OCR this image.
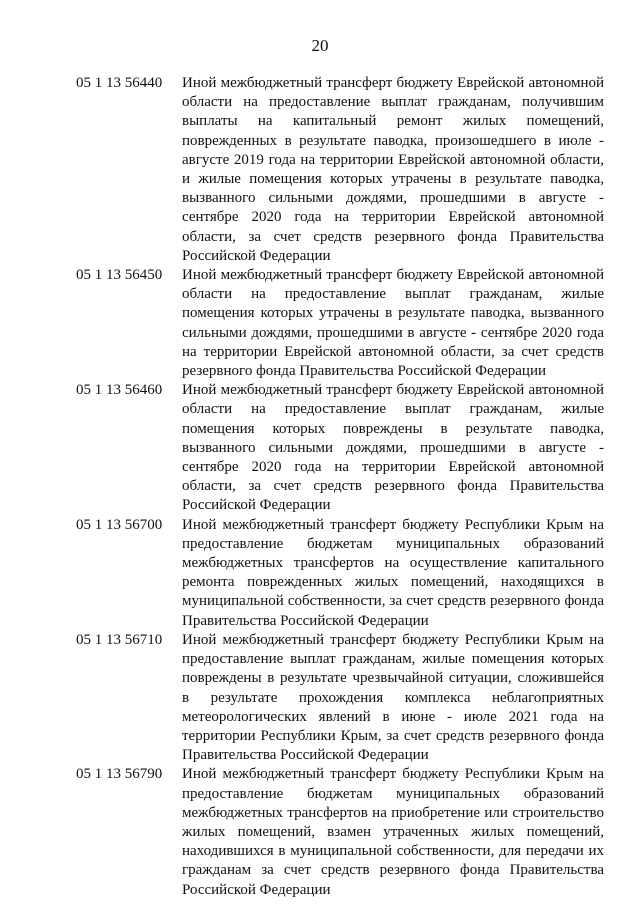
20
05 1 13 56440	Иной межбюджетный трансферт бюджету Еврейской автономной области на предоставление выплат гражданам, получившим выплаты на капитальный ремонт жилых помещений, поврежденных в результате паводка, произошедшего в июле - августе 2019 года на территории Еврейской автономной области, и жилые помещения которых утрачены в результате паводка, вызванного сильными дождями, прошедшими в августе - сентябре 2020 года на территории Еврейской автономной области, за счет средств резервного фонда Правительства Российской Федерации
05 1 13 56450	Иной межбюджетный трансферт бюджету Еврейской автономной области на предоставление выплат гражданам, жилые помещения которых утрачены в результате паводка, вызванного сильными дождями, прошедшими в августе - сентябре 2020 года на территории Еврейской автономной области, за счет средств резервного фонда Правительства Российской Федерации
05 1 13 56460	Иной межбюджетный трансферт бюджету Еврейской автономной области на предоставление выплат гражданам, жилые помещения которых повреждены в результате паводка, вызванного сильными дождями, прошедшими в августе - сентябре 2020 года на территории Еврейской автономной области, за счет средств резервного фонда Правительства Российской Федерации
05 1 13 56700	Иной межбюджетный трансферт бюджету Республики Крым на предоставление бюджетам муниципальных образований межбюджетных трансфертов на осуществление капитального ремонта поврежденных жилых помещений, находящихся в муниципальной собственности, за счет средств резервного фонда Правительства Российской Федерации
05 1 13 56710	Иной межбюджетный трансферт бюджету Республики Крым на предоставление выплат гражданам, жилые помещения которых повреждены в результате чрезвычайной ситуации, сложившейся в результате прохождения комплекса неблагоприятных метеорологических явлений в июне - июле 2021 года на территории Республики Крым, за счет средств резервного фонда Правительства Российской Федерации
05 1 13 56790	Иной межбюджетный трансферт бюджету Республики Крым на предоставление бюджетам муниципальных образований межбюджетных трансфертов на приобретение или строительство жилых помещений, взамен утраченных жилых помещений, находившихся в муниципальной собственности, для передачи их гражданам за счет средств резервного фонда Правительства Российской Федерации
